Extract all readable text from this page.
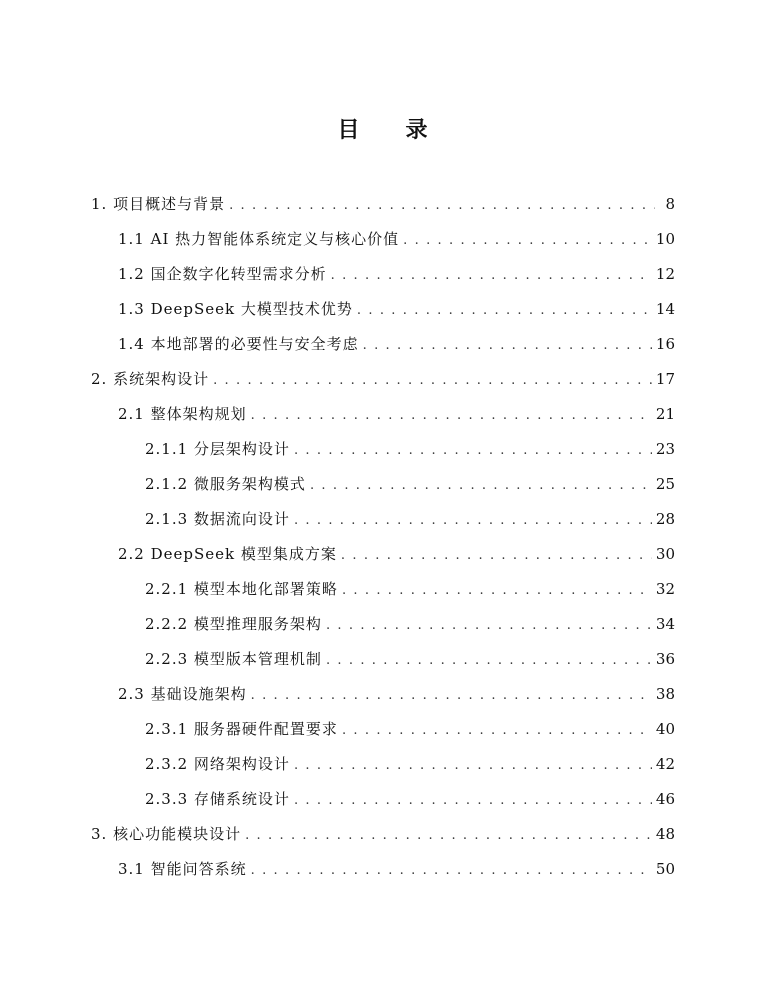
目 录
1. 项目概述与背景 . . .	8
1.1 AI 热力智能体系统定义与核心价值 . . .	10
1.2 国企数字化转型需求分析 . . .	12
1.3 DeepSeek 大模型技术优势 . . .	14
1.4 本地部署的必要性与安全考虑 . . .	16
2. 系统架构设计 . . .	17
2.1 整体架构规划 . . .	21
2.1.1 分层架构设计 . . .	23
2.1.2 微服务架构模式 . . .	25
2.1.3 数据流向设计 . . .	28
2.2 DeepSeek 模型集成方案 . . .	30
2.2.1 模型本地化部署策略 . . .	32
2.2.2 模型推理服务架构 . . .	34
2.2.3 模型版本管理机制 . . .	36
2.3 基础设施架构 . . .	38
2.3.1 服务器硬件配置要求 . . .	40
2.3.2 网络架构设计 . . .	42
2.3.3 存储系统设计 . . .	46
3. 核心功能模块设计 . . .	48
3.1 智能问答系统 . . .	50
